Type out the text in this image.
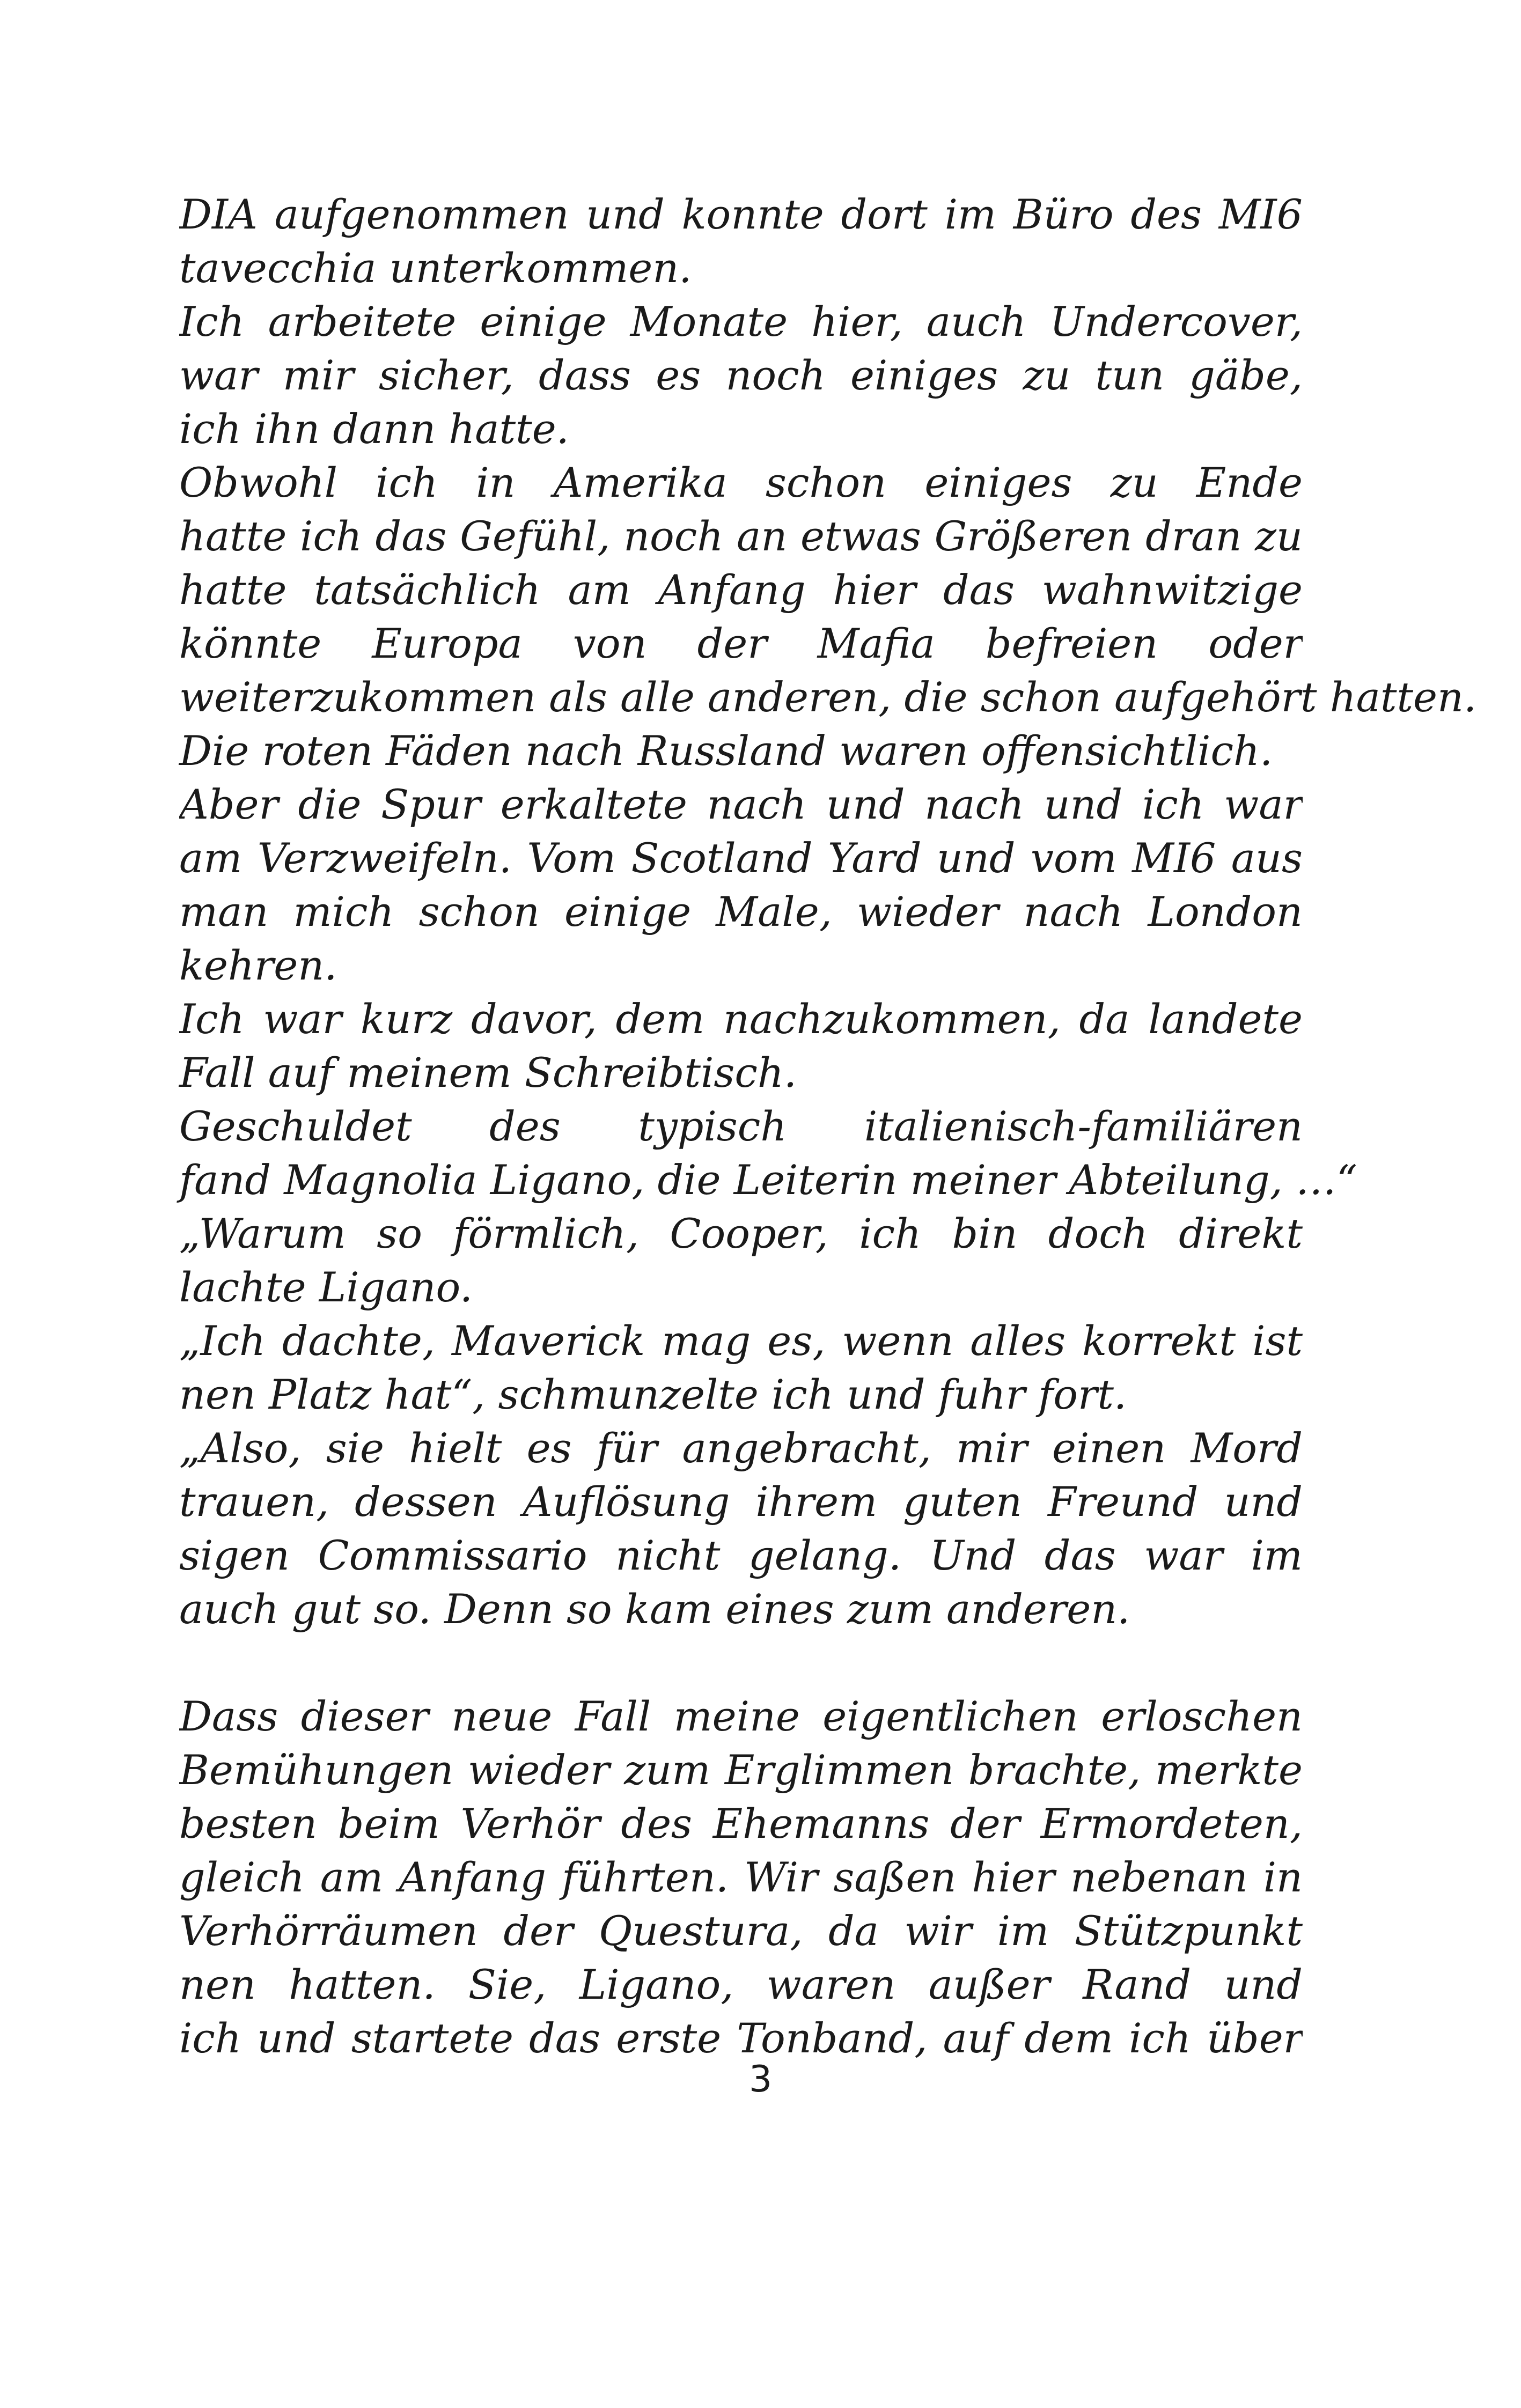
DIA aufgenommen und konnte dort im Büro des MI6
tavecchia unterkommen.
Ich arbeitete einige Monate hier, auch Undercover,
war mir sicher, dass es noch einiges zu tun gäbe,
ich ihn dann hatte.
Obwohl ich in Amerika schon einiges zu Ende
hatte ich das Gefühl, noch an etwas Größeren dran zu
hatte tatsächlich am Anfang hier das wahnwitzige
könnte Europa von der Mafia befreien oder
weiterzukommen als alle anderen, die schon aufgehört hatten.
Die roten Fäden nach Russland waren offensichtlich.
Aber die Spur erkaltete nach und nach und ich war
am Verzweifeln. Vom Scotland Yard und vom MI6 aus
man mich schon einige Male, wieder nach London
kehren.
Ich war kurz davor, dem nachzukommen, da landete
Fall auf meinem Schreibtisch.
Geschuldet des typisch italienisch-familiären
fand Magnolia Ligano, die Leiterin meiner Abteilung, …“
„Warum so förmlich, Cooper, ich bin doch direkt
lachte Ligano.
„Ich dachte, Maverick mag es, wenn alles korrekt ist
nen Platz hat“, schmunzelte ich und fuhr fort.
„Also, sie hielt es für angebracht, mir einen Mord
trauen, dessen Auflösung ihrem guten Freund und
sigen Commissario nicht gelang. Und das war im
auch gut so. Denn so kam eines zum anderen.

Dass dieser neue Fall meine eigentlichen erloschen
Bemühungen wieder zum Erglimmen brachte, merkte
besten beim Verhör des Ehemanns der Ermordeten,
gleich am Anfang führten. Wir saßen hier nebenan in
Verhörräumen der Questura, da wir im Stützpunkt
nen hatten. Sie, Ligano, waren außer Rand und
ich und startete das erste Tonband, auf dem ich über
3
